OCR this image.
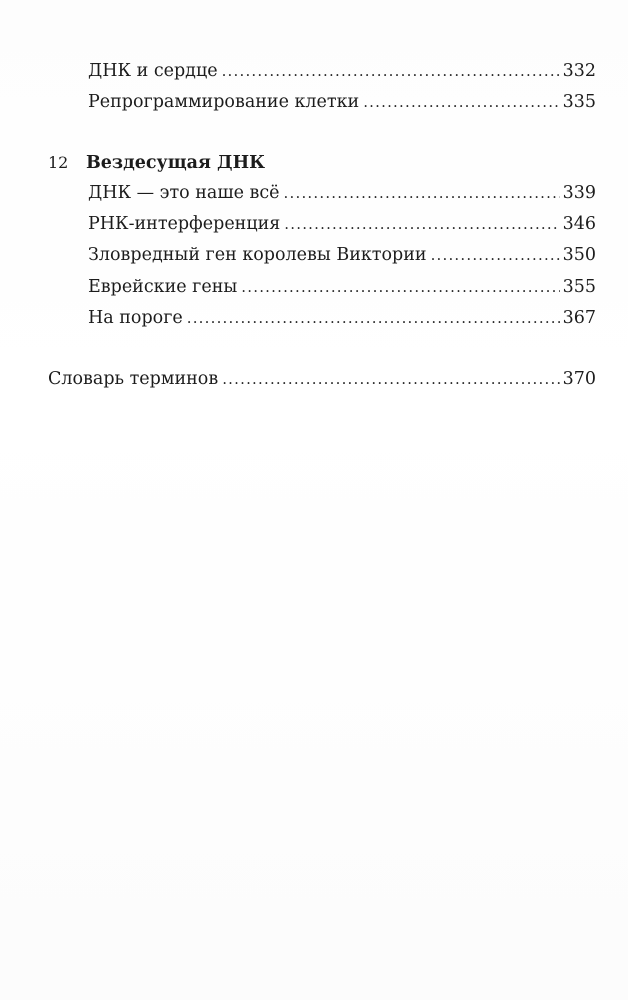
ДНК и сердце .....	332
Репрограммирование клетки .....	335
12	Вездесущая ДНК
ДНК — это наше всё .....	339
РНК-интерференция .....	346
Зловредный ген королевы Виктории .....	350
Еврейские гены .....	355
На пороге .....	367
Словарь терминов .....	370
